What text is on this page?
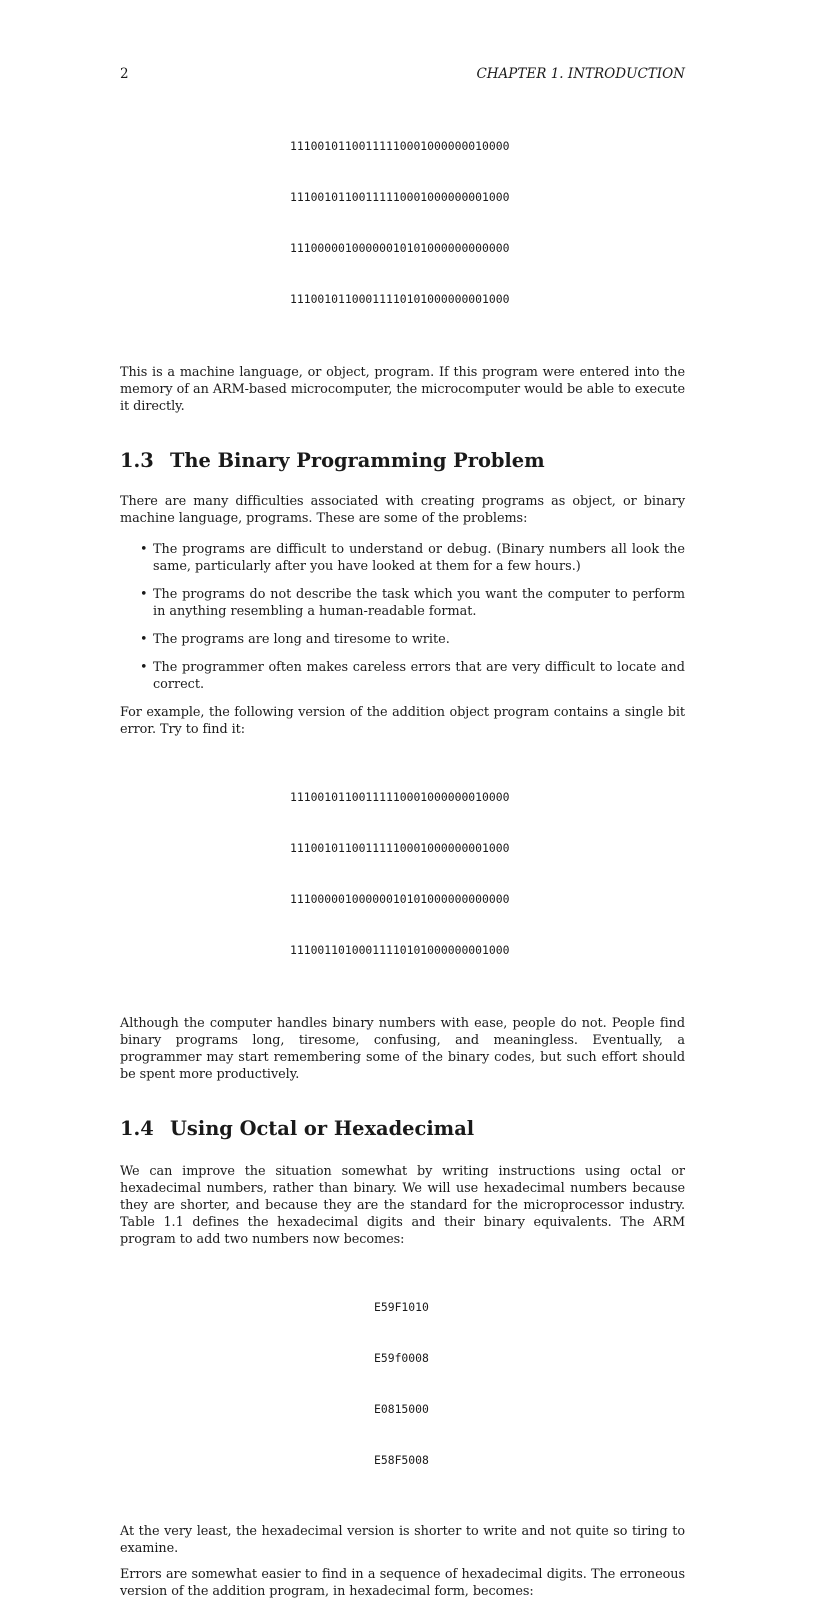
2	CHAPTER 1. INTRODUCTION

11100101100111110001000000010000

11100101100111110001000000001000

11100000100000010101000000000000

11100101100011110101000000001000

This is a machine language, or object, program. If this program were entered into the memory of an ARM-based microcomputer, the microcomputer would be able to execute it directly.

1.3 The Binary Programming Problem

There are many difficulties associated with creating programs as object, or binary machine language, programs. These are some of the problems:

• The programs are difficult to understand or debug. (Binary numbers all look the same, particularly after you have looked at them for a few hours.)
• The programs do not describe the task which you want the computer to perform in anything resembling a human-readable format.
• The programs are long and tiresome to write.
• The programmer often makes careless errors that are very difficult to locate and correct.

For example, the following version of the addition object program contains a single bit error. Try to find it:

11100101100111110001000000010000

11100101100111110001000000001000

11100000100000010101000000000000

11100110100011110101000000001000

Although the computer handles binary numbers with ease, people do not. People find binary programs long, tiresome, confusing, and meaningless. Eventually, a programmer may start remembering some of the binary codes, but such effort should be spent more productively.

1.4 Using Octal or Hexadecimal

We can improve the situation somewhat by writing instructions using octal or hexadecimal numbers, rather than binary. We will use hexadecimal numbers because they are shorter, and because they are the standard for the microprocessor industry. Table 1.1 defines the hexadecimal digits and their binary equivalents. The ARM program to add two numbers now becomes:

E59F1010

E59f0008

E0815000

E58F5008

At the very least, the hexadecimal version is shorter to write and not quite so tiring to examine.

Errors are somewhat easier to find in a sequence of hexadecimal digits. The erroneous version of the addition program, in hexadecimal form, becomes:
